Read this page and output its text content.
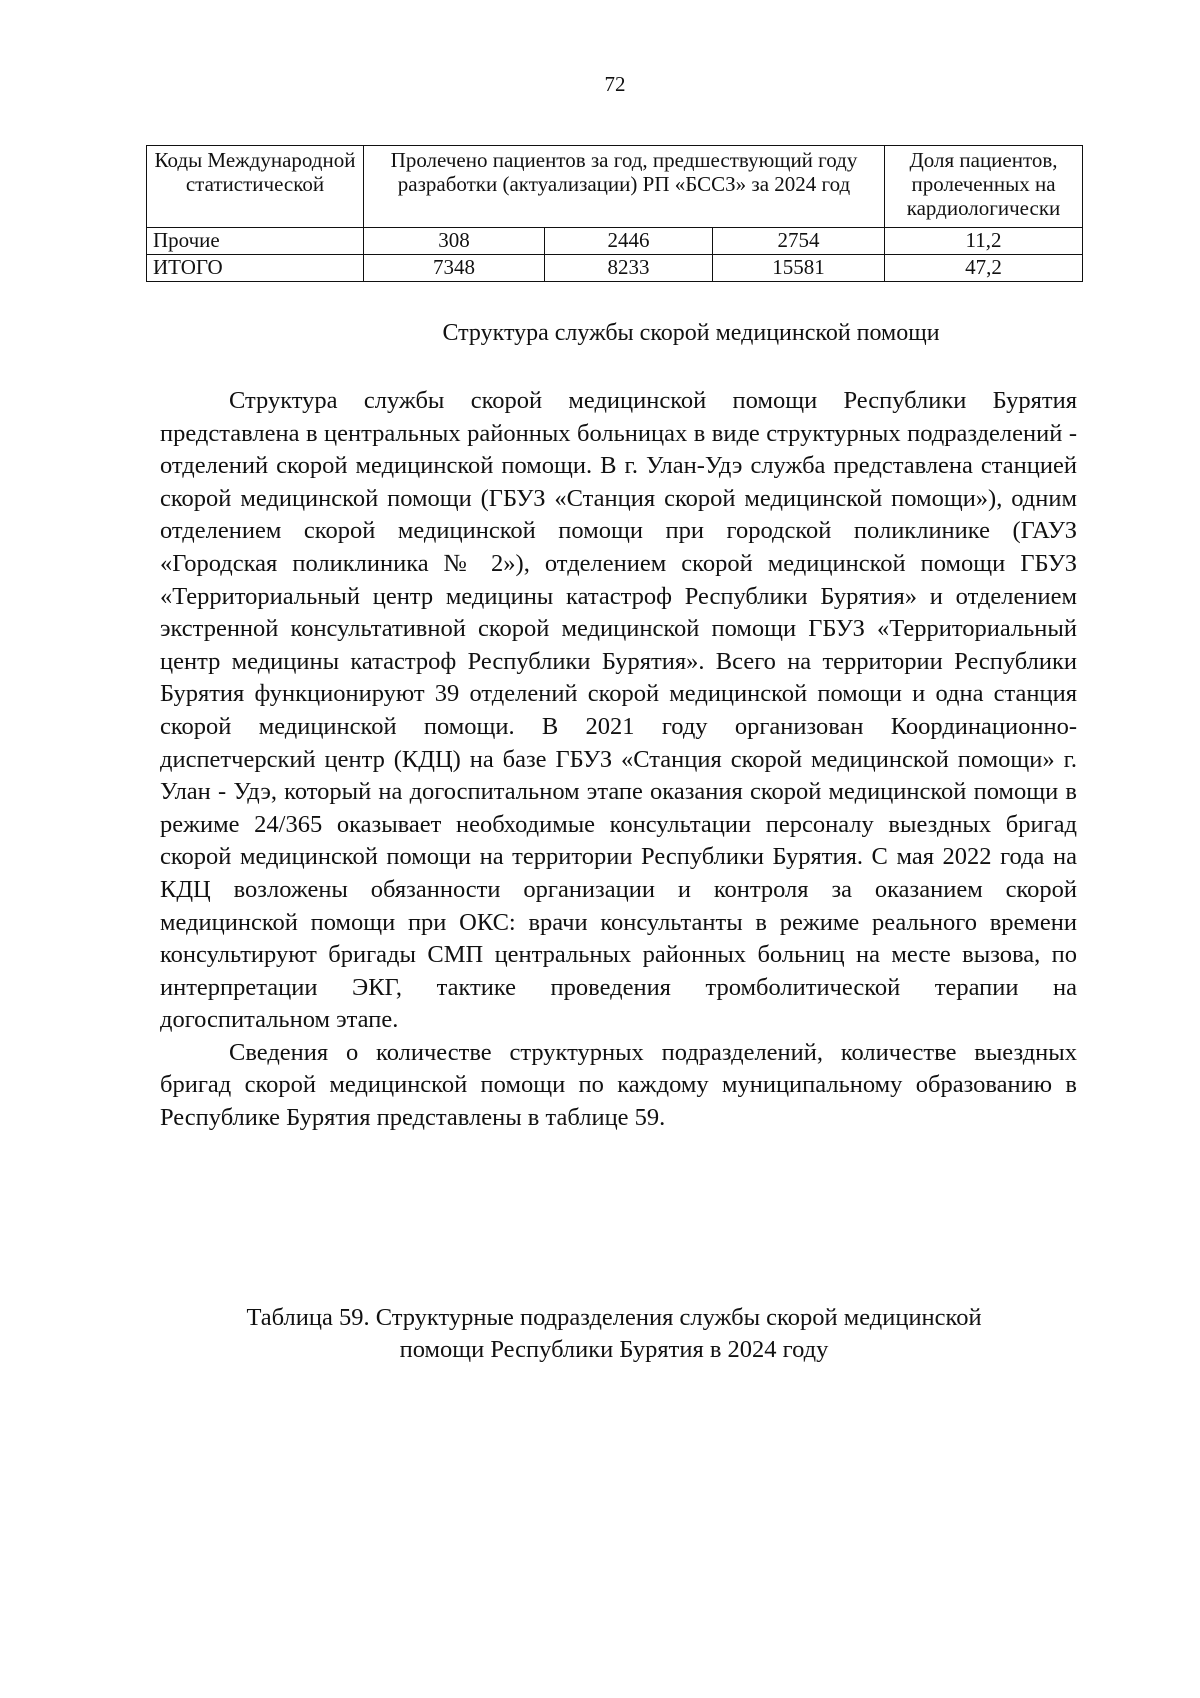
72
Коды Международной статистической	Пролечено пациентов за год, предшествующий году разработки (актуализации) РП «БССЗ» за 2024 год			Доля пациентов, пролеченных на кардиологически

Прочие	308	2446	2754	11,2
ИТОГО	7348	8233	15581	47,2
Структура службы скорой медицинской помощи

Структура службы скорой медицинской помощи Республики Бурятия представлена в центральных районных больницах в виде структурных подразделений - отделений скорой медицинской помощи. В г. Улан-Удэ служба представлена станцией скорой медицинской помощи (ГБУЗ «Станция скорой медицинской помощи»), одним отделением скорой медицинской помощи при городской поликлинике (ГАУЗ «Городская поликлиника № 2»), отделением скорой медицинской помощи ГБУЗ «Территориальный центр медицины катастроф Республики Бурятия» и отделением экстренной консультативной скорой медицинской помощи ГБУЗ «Территориальный центр медицины катастроф Республики Бурятия». Всего на территории Республики Бурятия функционируют 39 отделений скорой медицинской помощи и одна станция скорой медицинской помощи. В 2021 году организован Координационно-диспетчерский центр (КДЦ) на базе ГБУЗ «Станция скорой медицинской помощи» г. Улан - Удэ, который на догоспитальном этапе оказания скорой медицинской помощи в режиме 24/365 оказывает необходимые консультации персоналу выездных бригад скорой медицинской помощи на территории Республики Бурятия. С мая 2022 года на КДЦ возложены обязанности организации и контроля за оказанием скорой медицинской помощи при ОКС: врачи консультанты в режиме реального времени консультируют бригады СМП центральных районных больниц на месте вызова, по интерпретации ЭКГ, тактике проведения тромболитической терапии на догоспитальном этапе.

Сведения о количестве структурных подразделений, количестве выездных бригад скорой медицинской помощи по каждому муниципальному образованию в Республике Бурятия представлены в таблице 59.

Таблица 59. Структурные подразделения службы скорой медицинской
помощи Республики Бурятия в 2024 году
